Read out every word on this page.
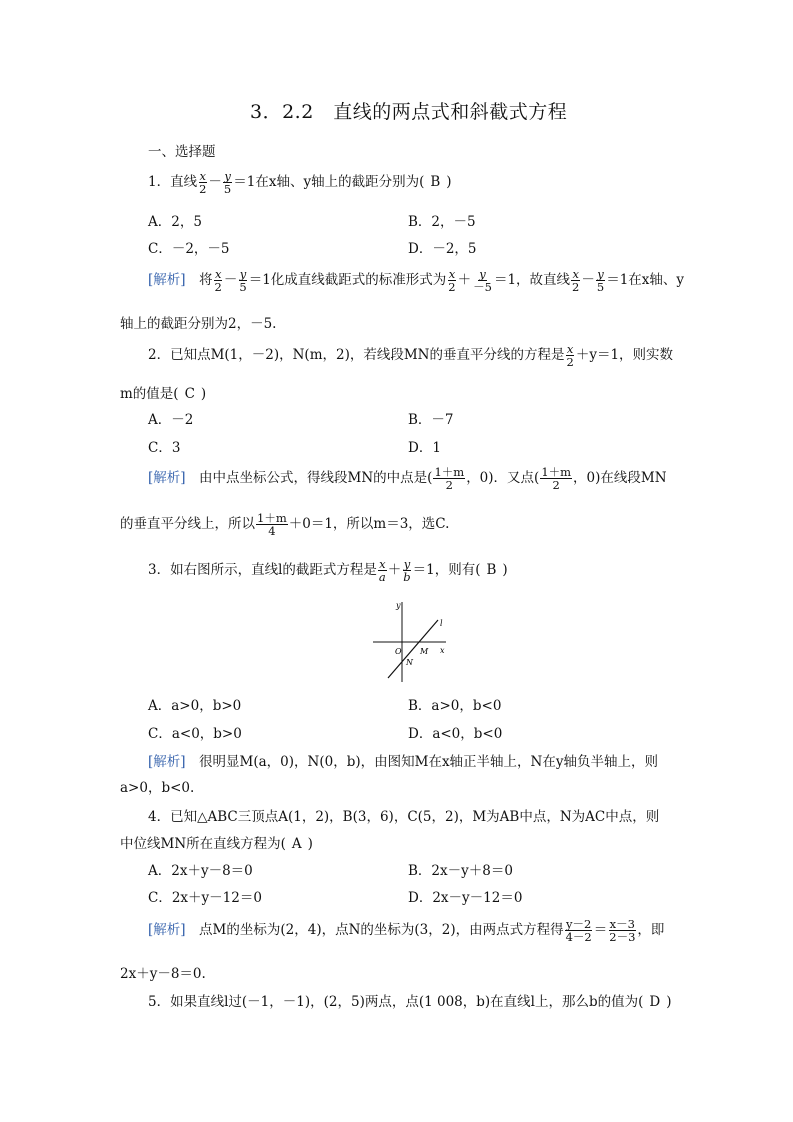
3．2.2　直线的两点式和斜截式方程
一、选择题
1．直线 $\frac{x}{2} - \frac{y}{5} =1$在x轴、y轴上的截距分别为( B )
A．2，5	B．2，－5
C．－2，－5	D．－2，5
[解析]　 将 $\frac{x}{2} - \frac{y}{5} =1$化成直线截距式的标准形式为 $\frac{x}{2} + \frac{y}{-5} =1$，故直线 $\frac{x}{2} - \frac{y}{5} =1$在x轴、y
轴上的截距分别为2，－5.
2．已知点M(1，－2)，N(m，2)，若线段MN的垂直平分线的方程是 $\frac{x}{2} +y=1$，则实数
m的值是( C )
A．－2	B．－7
C．3	D．1
[解析]　 由中点坐标公式，得线段MN的中点是( $\frac{1+m}{2}$ ，0)．又点( $\frac{1+m}{2}$ ，0)在线段MN
的垂直平分线上，所以 $\frac{1+m}{4} +0=1$，所以m＝3，选C.
3．如右图所示，直线l的截距式方程是 $\frac{x}{a} + \frac{y}{b} =1$，则有( B )
y
x
O M
N
l
A．a>0，b>0	B．a>0，b<0
C．a<0，b>0	D．a<0，b<0
[解析]　 很明显M(a，0)，N(0，b)，由图知M在x轴正半轴上，N在y轴负半轴上，则
a>0，b<0.
4．已知△ABC三顶点A(1，2)，B(3，6)，C(5，2)，M为AB中点，N为AC中点，则
中位线MN所在直线方程为( A )
A．2x＋y－8＝0	B．2x－y＋8＝0
C．2x＋y－12＝0	D．2x－y－12＝0
[解析]　 点M的坐标为(2，4)，点N的坐标为(3，2)，由两点式方程得 $\frac{y-2}{4-2} = \frac{x-3}{2-3}$ ，即
2x＋y－8＝0.
5．如果直线l过(－1，－1)，(2，5)两点，点(1 008，b)在直线l上，那么b的值为( D )
